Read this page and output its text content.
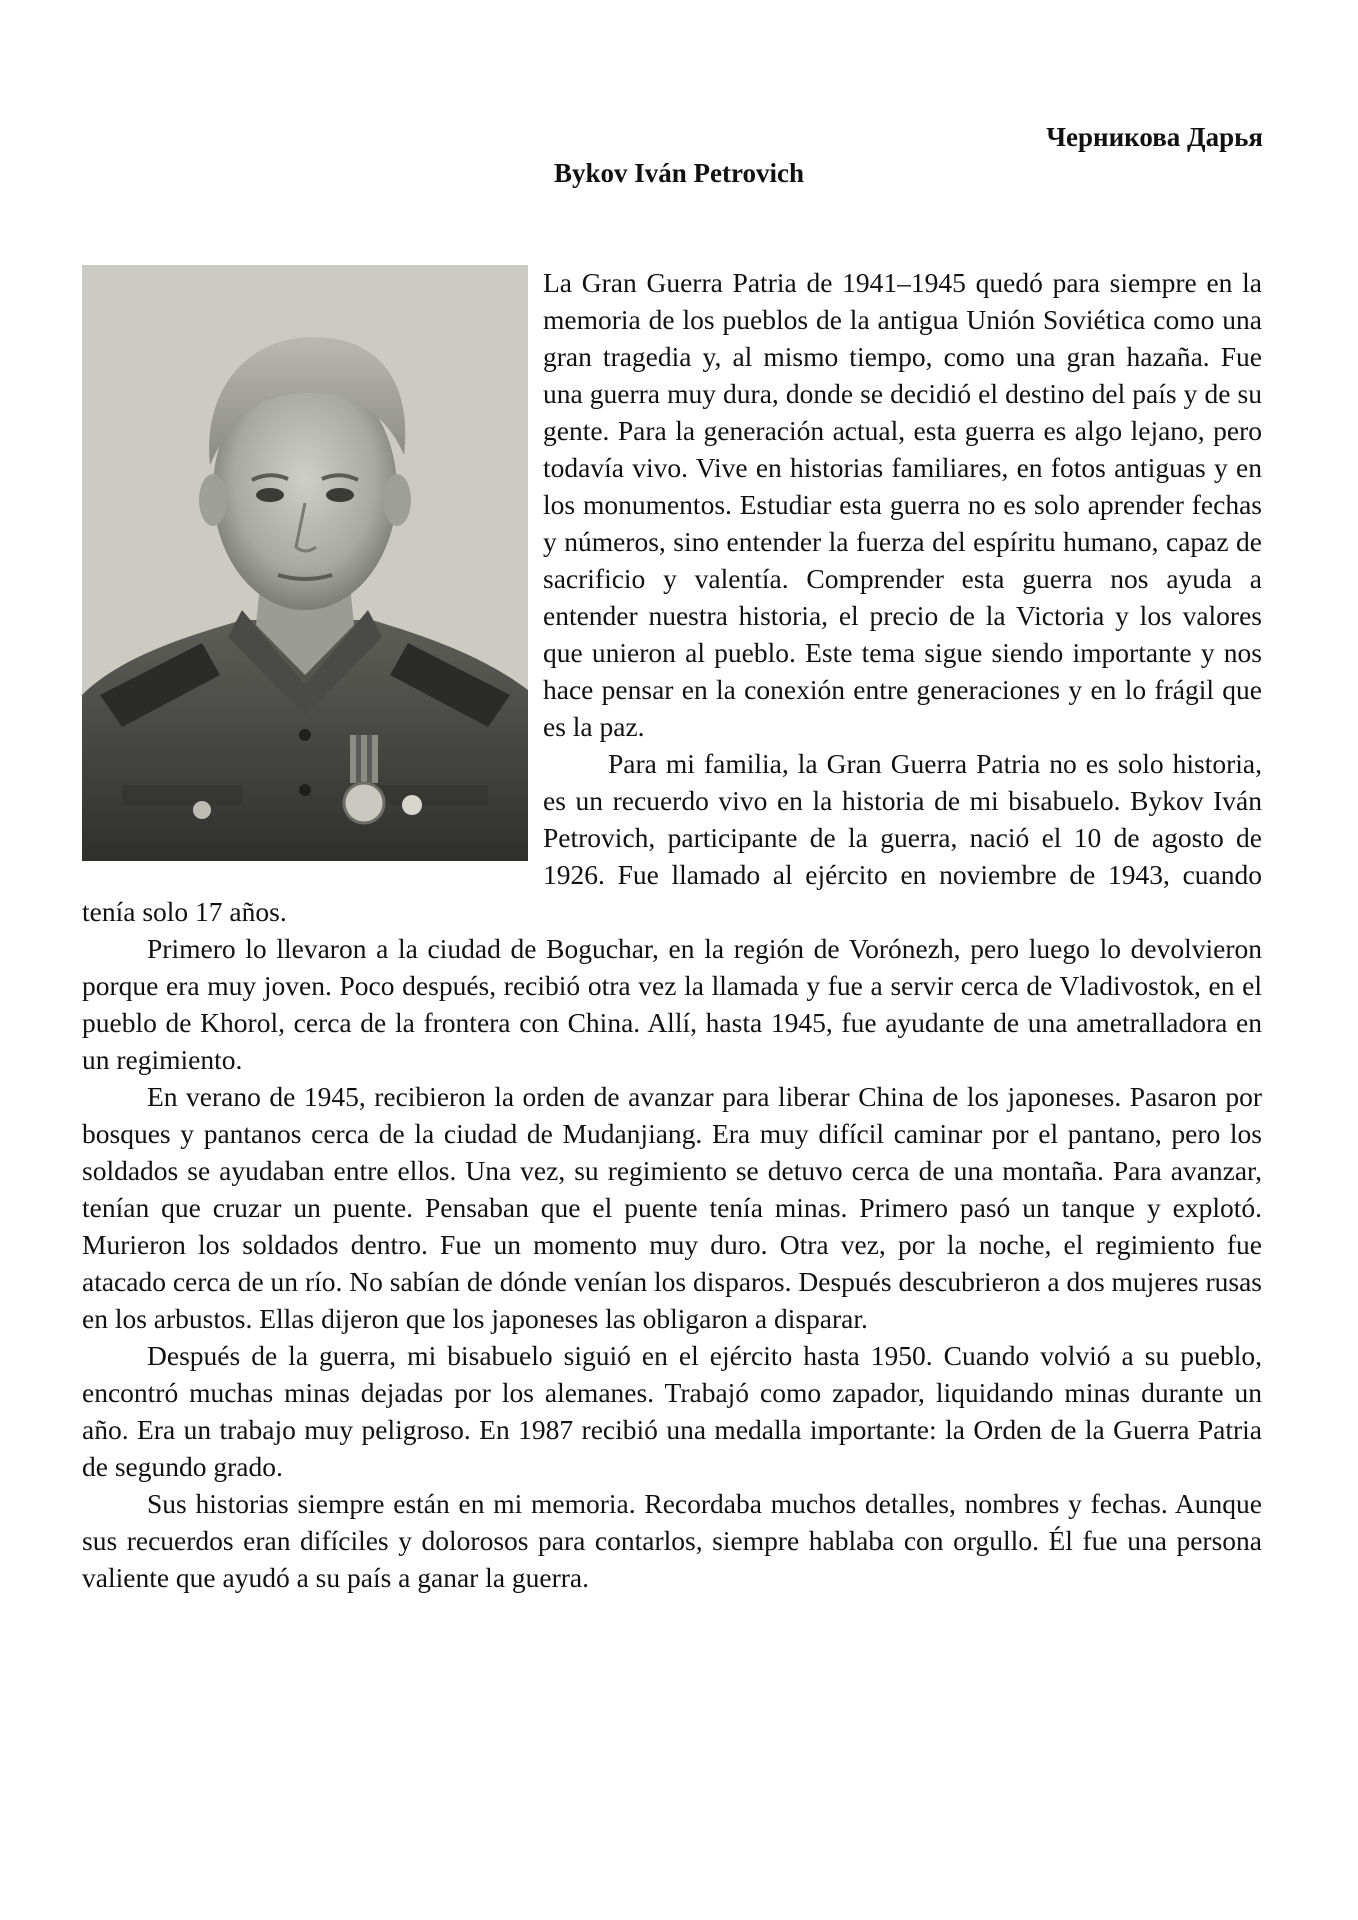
Черникова Дарья
Bykov Iván Petrovich

La Gran Guerra Patria de 1941–1945 quedó para siempre en la memoria de los pueblos de la antigua Unión Soviética como una gran tragedia y, al mismo tiempo, como una gran hazaña. Fue una guerra muy dura, donde se decidió el destino del país y de su gente. Para la generación actual, esta guerra es algo lejano, pero todavía vivo. Vive en historias familiares, en fotos antiguas y en los monumentos. Estudiar esta guerra no es solo aprender fechas y números, sino entender la fuerza del espíritu humano, capaz de sacrificio y valentía. Comprender esta guerra nos ayuda a entender nuestra historia, el precio de la Victoria y los valores que unieron al pueblo. Este tema sigue siendo importante y nos hace pensar en la conexión entre generaciones y en lo frágil que es la paz.

Para mi familia, la Gran Guerra Patria no es solo historia, es un recuerdo vivo en la historia de mi bisabuelo. Bykov Iván Petrovich, participante de la guerra, nació el 10 de agosto de 1926. Fue llamado al ejército en noviembre de 1943, cuando tenía solo 17 años.

Primero lo llevaron a la ciudad de Boguchar, en la región de Vorónezh, pero luego lo devolvieron porque era muy joven. Poco después, recibió otra vez la llamada y fue a servir cerca de Vladivostok, en el pueblo de Khorol, cerca de la frontera con China. Allí, hasta 1945, fue ayudante de una ametralladora en un regimiento.

En verano de 1945, recibieron la orden de avanzar para liberar China de los japoneses. Pasaron por bosques y pantanos cerca de la ciudad de Mudanjiang. Era muy difícil caminar por el pantano, pero los soldados se ayudaban entre ellos. Una vez, su regimiento se detuvo cerca de una montaña. Para avanzar, tenían que cruzar un puente. Pensaban que el puente tenía minas. Primero pasó un tanque y explotó. Murieron los soldados dentro. Fue un momento muy duro. Otra vez, por la noche, el regimiento fue atacado cerca de un río. No sabían de dónde venían los disparos. Después descubrieron a dos mujeres rusas en los arbustos. Ellas dijeron que los japoneses las obligaron a disparar.

Después de la guerra, mi bisabuelo siguió en el ejército hasta 1950. Cuando volvió a su pueblo, encontró muchas minas dejadas por los alemanes. Trabajó como zapador, liquidando minas durante un año. Era un trabajo muy peligroso. En 1987 recibió una medalla importante: la Orden de la Guerra Patria de segundo grado.

Sus historias siempre están en mi memoria. Recordaba muchos detalles, nombres y fechas. Aunque sus recuerdos eran difíciles y dolorosos para contarlos, siempre hablaba con orgullo. Él fue una persona valiente que ayudó a su país a ganar la guerra.
